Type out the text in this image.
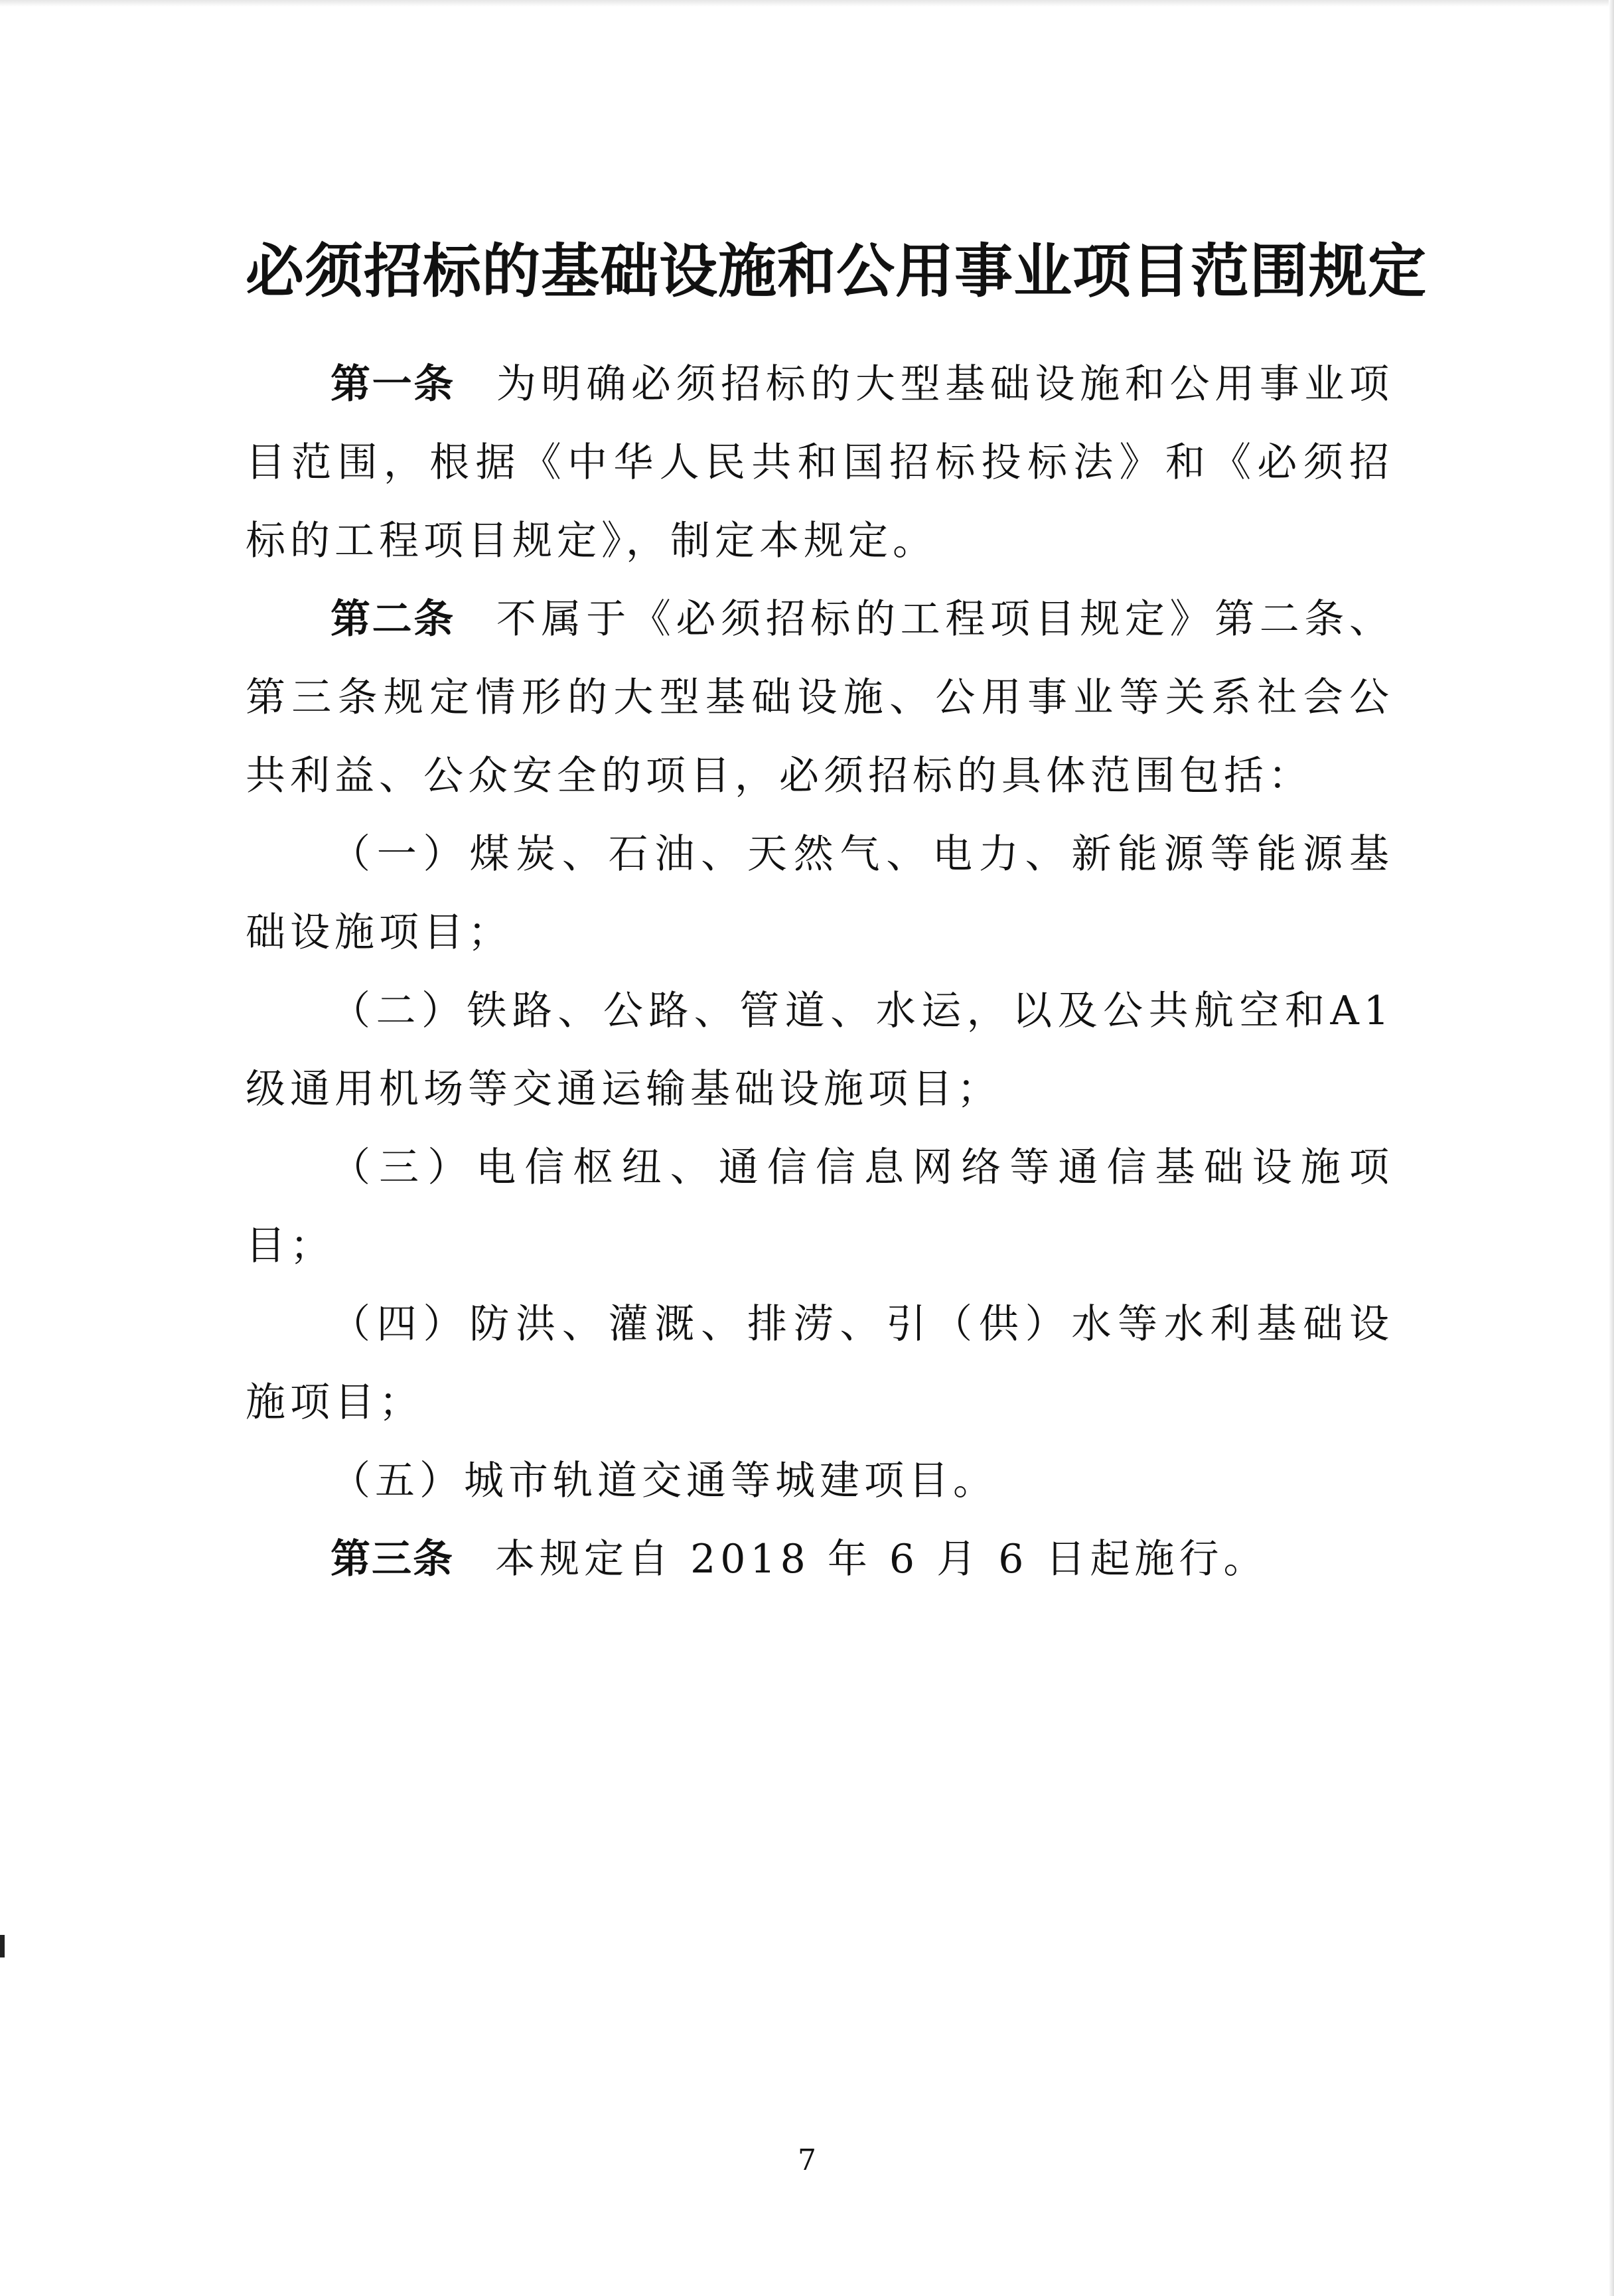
必须招标的基础设施和公用事业项目范围规定

第一条 为明确必须招标的大型基础设施和公用事业项目范围，根据《中华人民共和国招标投标法》和《必须招标的工程项目规定》，制定本规定。

第二条 不属于《必须招标的工程项目规定》第二条、第三条规定情形的大型基础设施、公用事业等关系社会公共利益、公众安全的项目，必须招标的具体范围包括：

（一）煤炭、石油、天然气、电力、新能源等能源基础设施项目；

（二）铁路、公路、管道、水运，以及公共航空和A1级通用机场等交通运输基础设施项目；

（三）电信枢纽、通信信息网络等通信基础设施项目；

（四）防洪、灌溉、排涝、引（供）水等水利基础设施项目；

（五）城市轨道交通等城建项目。

第三条 本规定自 2018 年 6 月 6 日起施行。

7
